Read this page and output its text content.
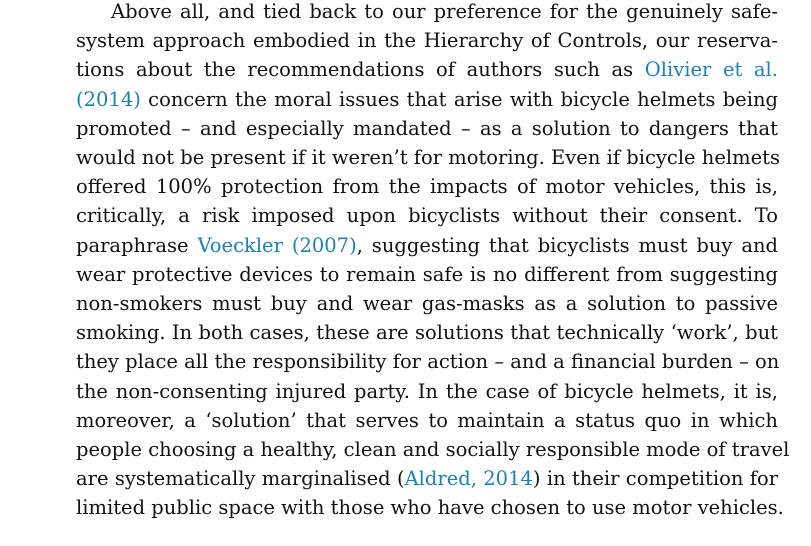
Above all, and tied back to our preference for the genuinely safe-
system approach embodied in the Hierarchy of Controls, our reserva-
tions about the recommendations of authors such as Olivier et al.
(2014) concern the moral issues that arise with bicycle helmets being
promoted – and especially mandated – as a solution to dangers that
would not be present if it weren’t for motoring. Even if bicycle helmets
offered 100% protection from the impacts of motor vehicles, this is,
critically, a risk imposed upon bicyclists without their consent. To
paraphrase Voeckler (2007), suggesting that bicyclists must buy and
wear protective devices to remain safe is no different from suggesting
non-smokers must buy and wear gas-masks as a solution to passive
smoking. In both cases, these are solutions that technically ‘work’, but
they place all the responsibility for action – and a financial burden – on
the non-consenting injured party. In the case of bicycle helmets, it is,
moreover, a ‘solution’ that serves to maintain a status quo in which
people choosing a healthy, clean and socially responsible mode of travel
are systematically marginalised (Aldred, 2014) in their competition for
limited public space with those who have chosen to use motor vehicles.
